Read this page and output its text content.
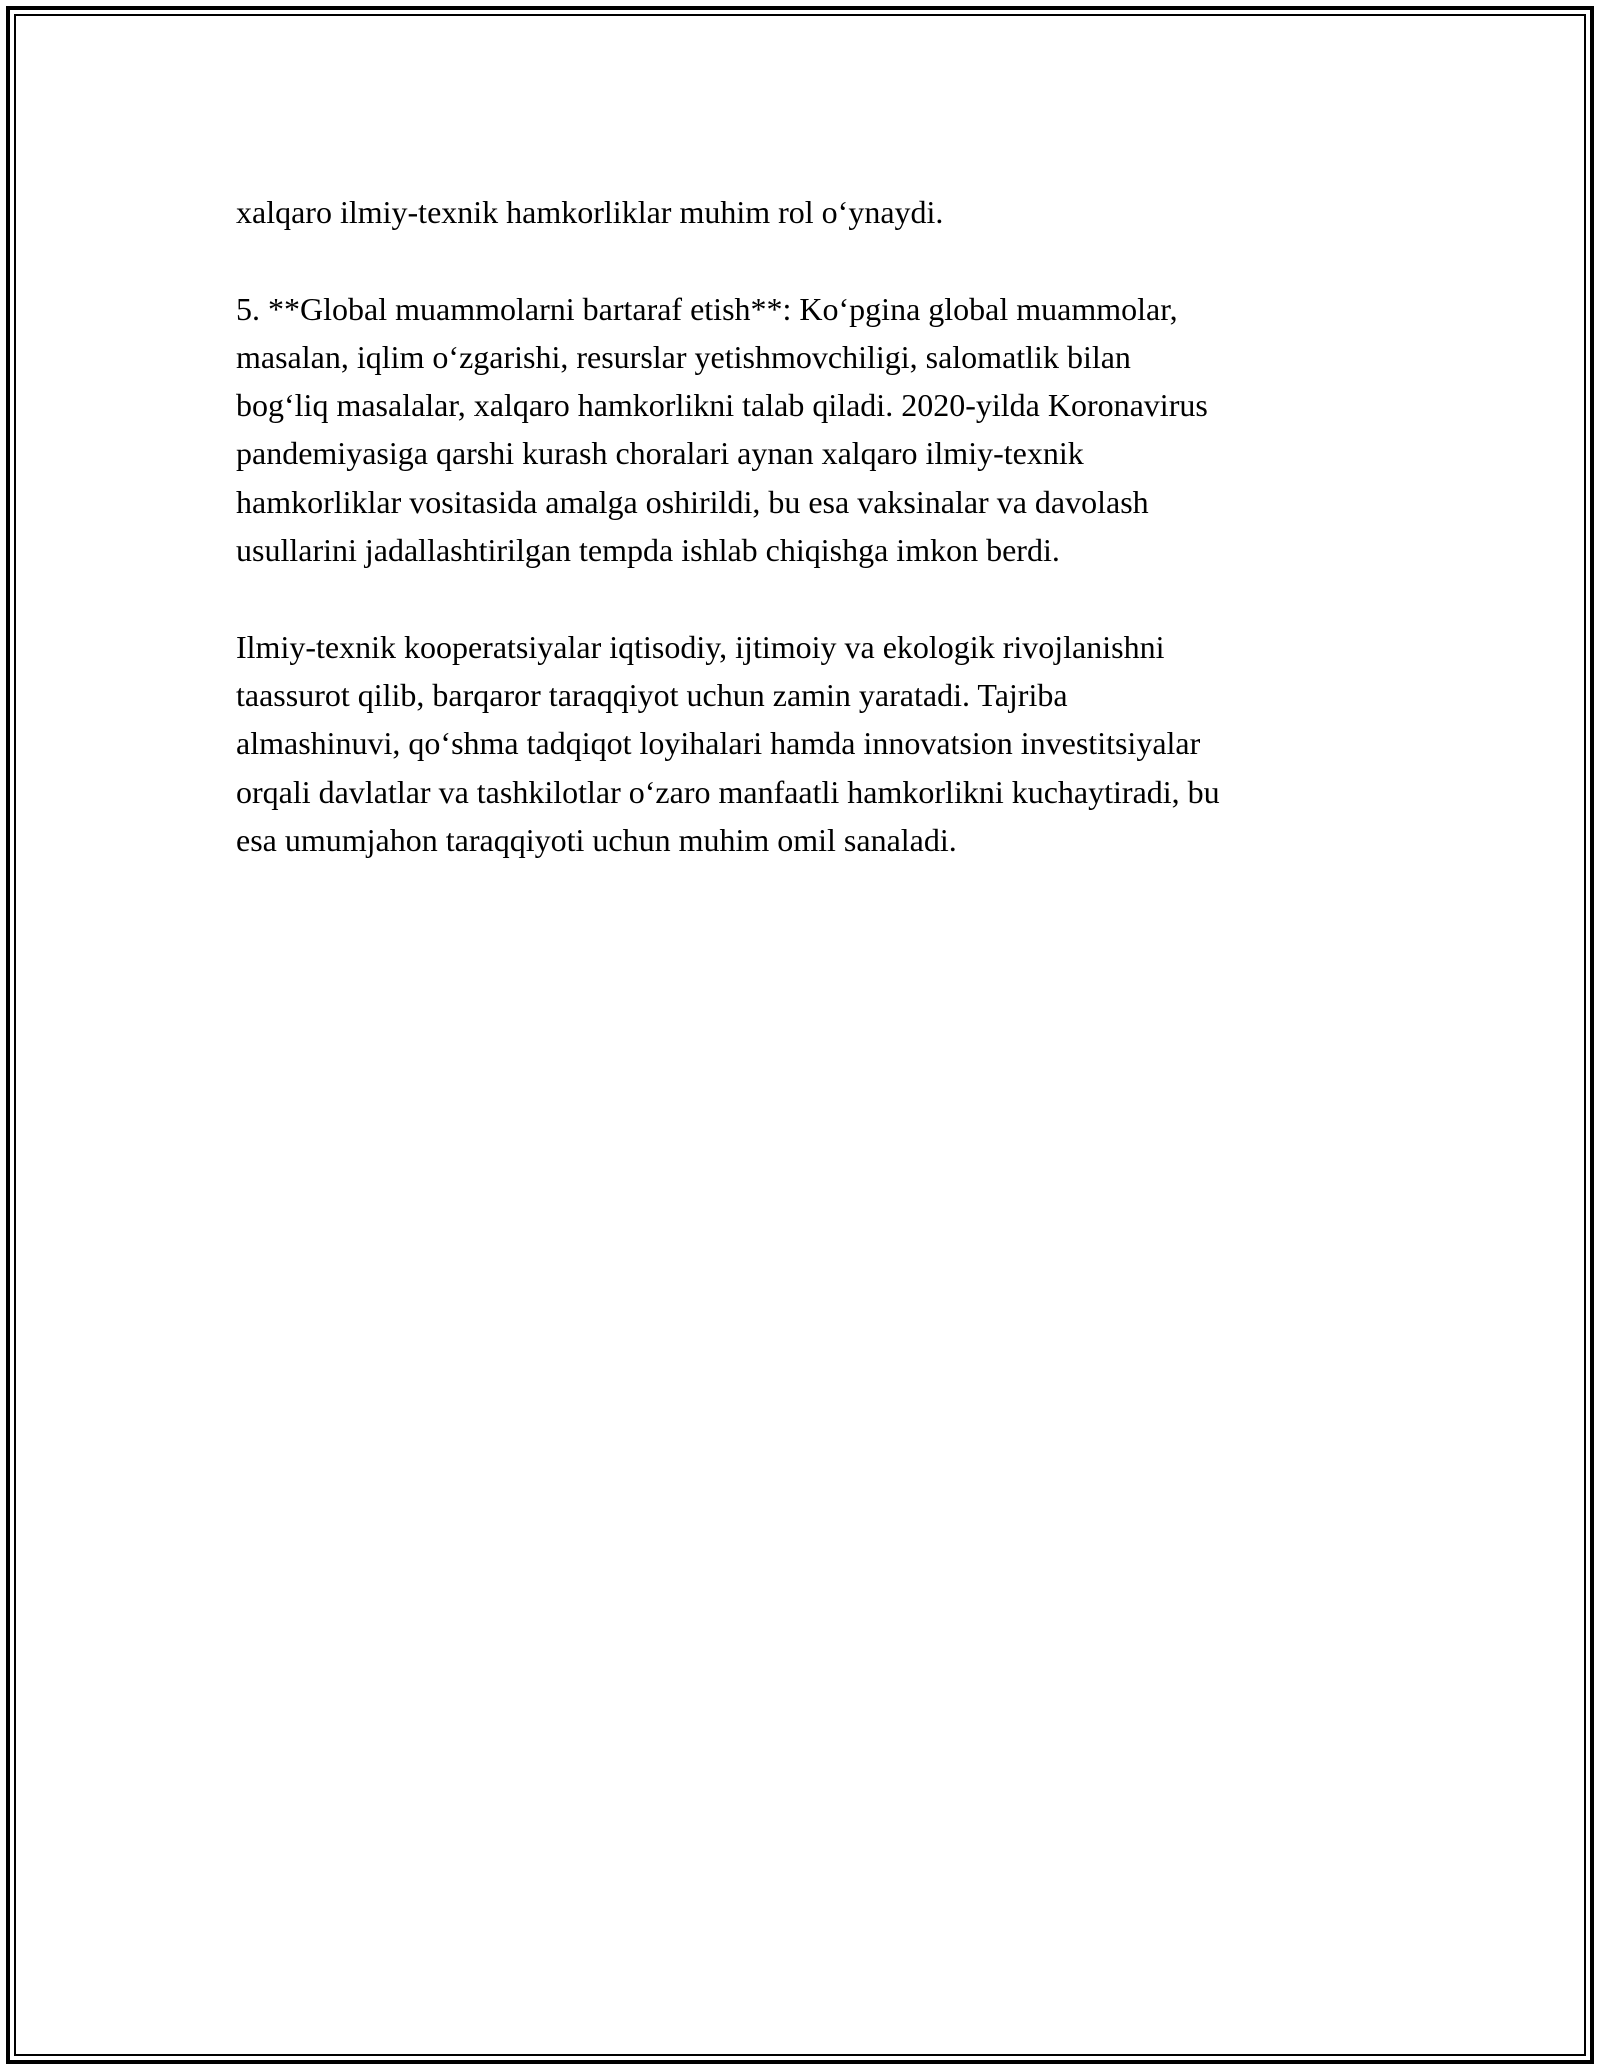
xalqaro ilmiy-texnik hamkorliklar muhim rol o‘ynaydi.

5. **Global muammolarni bartaraf etish**: Ko‘pgina global muammolar,
masalan, iqlim o‘zgarishi, resurslar yetishmovchiligi, salomatlik bilan
bog‘liq masalalar, xalqaro hamkorlikni talab qiladi. 2020-yilda Koronavirus
pandemiyasiga qarshi kurash choralari aynan xalqaro ilmiy-texnik
hamkorliklar vositasida amalga oshirildi, bu esa vaksinalar va davolash
usullarini jadallashtirilgan tempda ishlab chiqishga imkon berdi.

Ilmiy-texnik kooperatsiyalar iqtisodiy, ijtimoiy va ekologik rivojlanishni
taassurot qilib, barqaror taraqqiyot uchun zamin yaratadi. Tajriba
almashinuvi, qo‘shma tadqiqot loyihalari hamda innovatsion investitsiyalar
orqali davlatlar va tashkilotlar o‘zaro manfaatli hamkorlikni kuchaytiradi, bu
esa umumjahon taraqqiyoti uchun muhim omil sanaladi.
